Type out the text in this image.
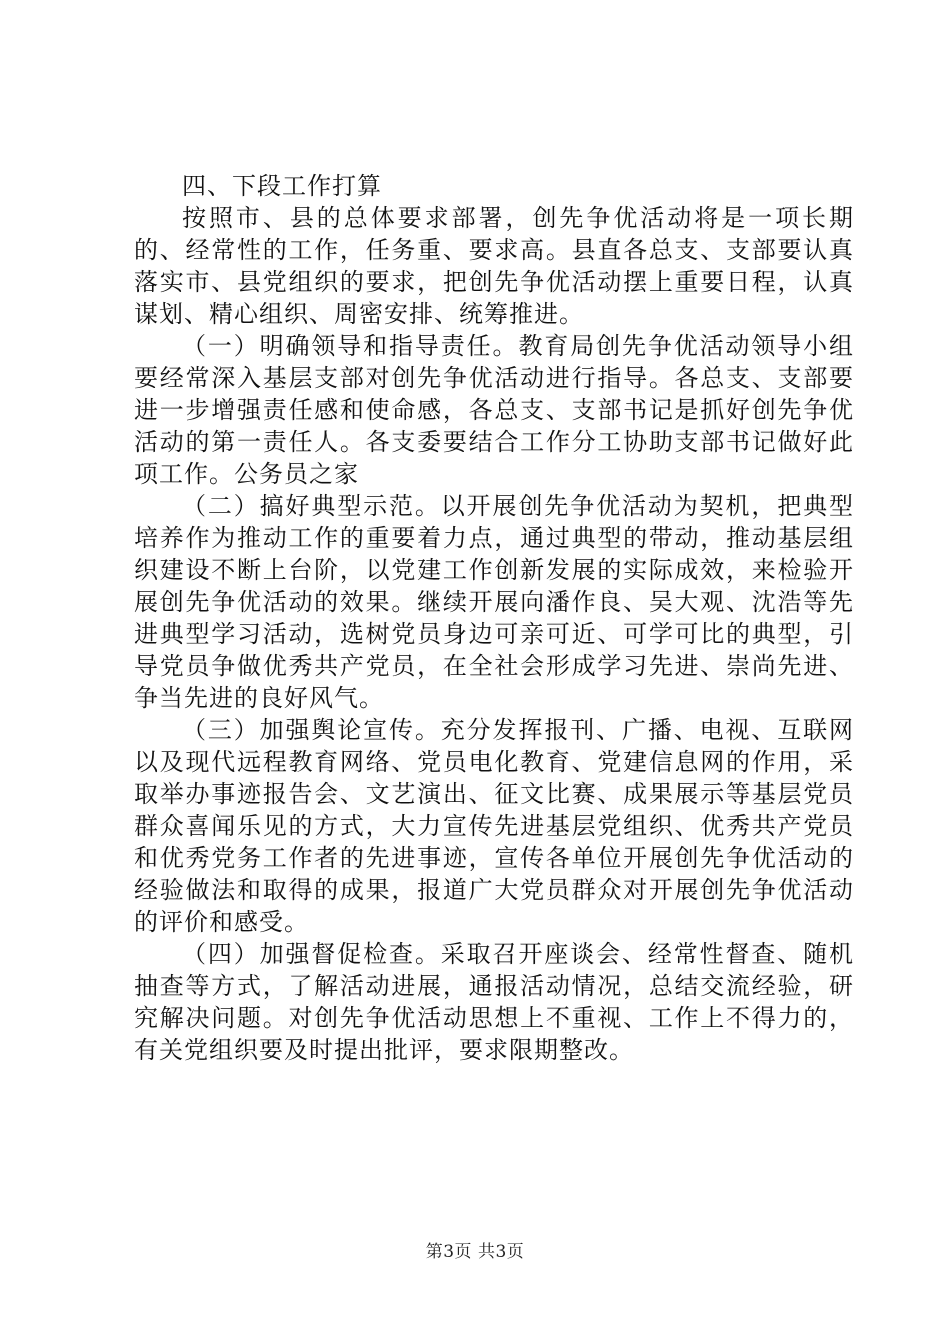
四、下段工作打算

按照市、县的总体要求部署，创先争优活动将是一项长期的、经常性的工作，任务重、要求高。县直各总支、支部要认真落实市、县党组织的要求，把创先争优活动摆上重要日程，认真谋划、精心组织、周密安排、统筹推进。

（一）明确领导和指导责任。教育局创先争优活动领导小组要经常深入基层支部对创先争优活动进行指导。各总支、支部要进一步增强责任感和使命感，各总支、支部书记是抓好创先争优活动的第一责任人。各支委要结合工作分工协助支部书记做好此项工作。公务员之家

（二）搞好典型示范。以开展创先争优活动为契机，把典型培养作为推动工作的重要着力点，通过典型的带动，推动基层组织建设不断上台阶，以党建工作创新发展的实际成效，来检验开展创先争优活动的效果。继续开展向潘作良、吴大观、沈浩等先进典型学习活动，选树党员身边可亲可近、可学可比的典型，引导党员争做优秀共产党员，在全社会形成学习先进、崇尚先进、争当先进的良好风气。

（三）加强舆论宣传。充分发挥报刊、广播、电视、互联网以及现代远程教育网络、党员电化教育、党建信息网的作用，采取举办事迹报告会、文艺演出、征文比赛、成果展示等基层党员群众喜闻乐见的方式，大力宣传先进基层党组织、优秀共产党员和优秀党务工作者的先进事迹，宣传各单位开展创先争优活动的经验做法和取得的成果，报道广大党员群众对开展创先争优活动的评价和感受。

（四）加强督促检查。采取召开座谈会、经常性督查、随机抽查等方式，了解活动进展，通报活动情况，总结交流经验，研究解决问题。对创先争优活动思想上不重视、工作上不得力的，有关党组织要及时提出批评，要求限期整改。

第3页 共3页
